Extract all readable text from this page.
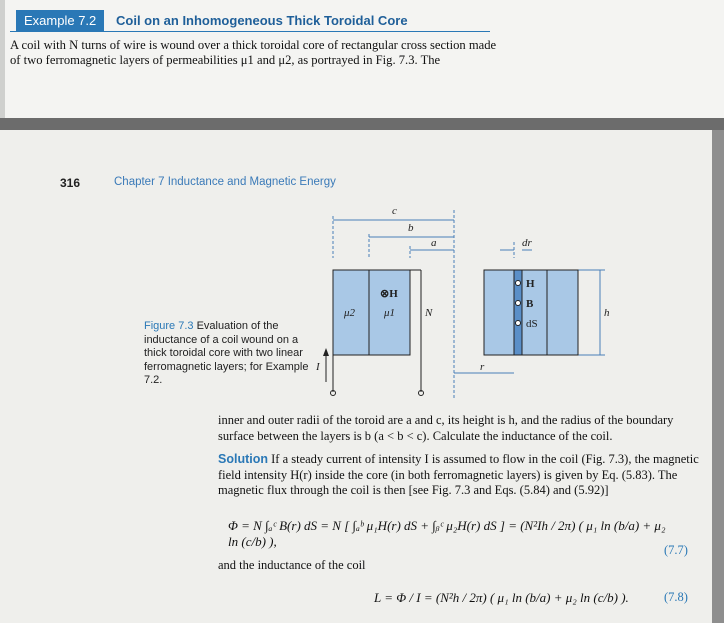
Example 7.2	Coil on an Inhomogeneous Thick Toroidal Core
A coil with N turns of wire is wound over a thick toroidal core of rectangular cross section made of two ferromagnetic layers of permeabilities μ1 and μ2, as portrayed in Fig. 7.3. The
316	Chapter 7 Inductance and Magnetic Energy
c
b
a	dr
h
r
μ2	μ1
⊗H
N
I
H
B
dS
Figure 7.3 Evaluation of the inductance of a coil wound on a thick toroidal core with two linear ferromagnetic layers; for Example 7.2.
inner and outer radii of the toroid are a and c, its height is h, and the radius of the boundary surface between the layers is b (a < b < c). Calculate the inductance of the coil.
Solution If a steady current of intensity I is assumed to flow in the coil (Fig. 7.3), the magnetic field intensity H(r) inside the core (in both ferromagnetic layers) is given by Eq. (5.83). The magnetic flux through the coil is then [see Fig. 7.3 and Eqs. (5.84) and (5.92)]
Φ = N ∫ₐᶜ B(r) dS = N [ ∫ₐᵇ μ₁H(r) dS + ∫ᵦᶜ μ₂H(r) dS ] = (N²Ih / 2π) ( μ₁ ln (b/a) + μ₂ ln (c/b) ),
(7.7)
and the inductance of the coil
L = Φ / I = (N²h / 2π) ( μ₁ ln (b/a) + μ₂ ln (c/b) ).	(7.8)
